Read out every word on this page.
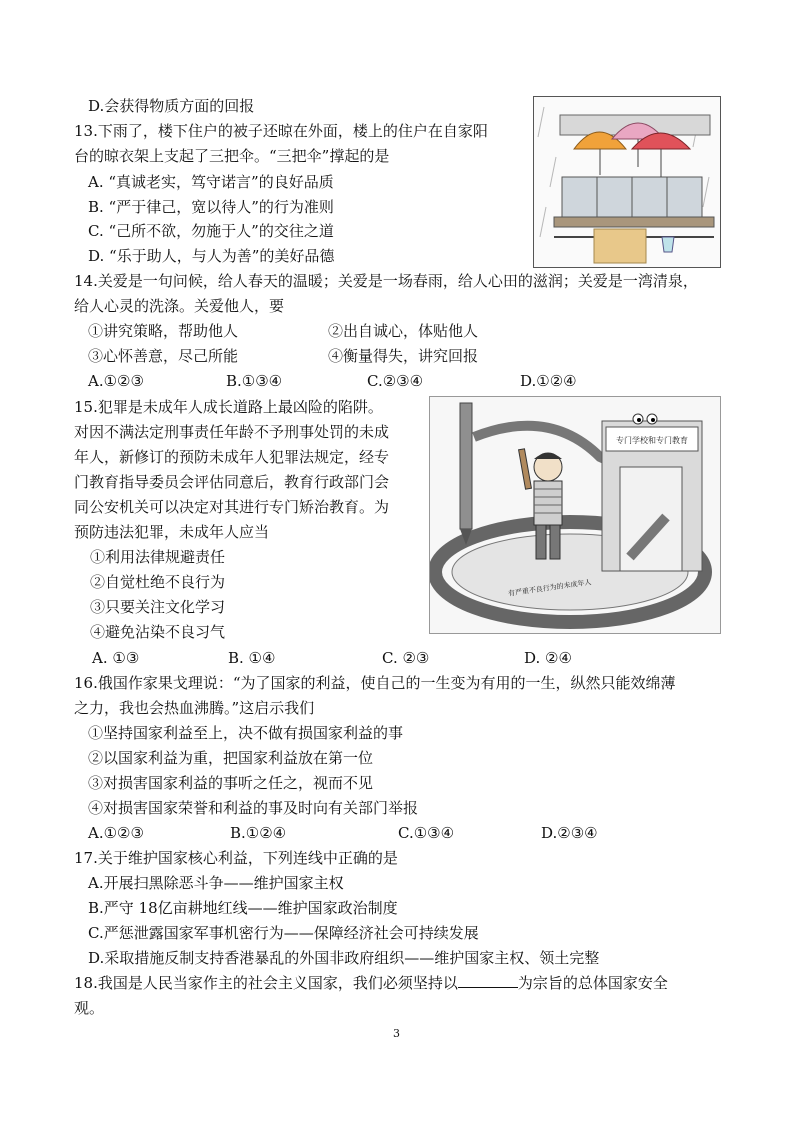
D.会获得物质方面的回报
13.下雨了，楼下住户的被子还晾在外面，楼上的住户在自家阳
台的晾衣架上支起了三把伞。“三把伞”撑起的是
A. “真诚老实，笃守诺言”的良好品质
B. “严于律己，宽以待人”的行为准则
C. “己所不欲，勿施于人”的交往之道
D. “乐于助人，与人为善”的美好品德
14.关爱是一句问候，给人春天的温暖；关爱是一场春雨，给人心田的滋润；关爱是一湾清泉，
给人心灵的洗涤。关爱他人，要
①讲究策略，帮助他人	②出自诚心，体贴他人
③心怀善意，尽己所能	④衡量得失，讲究回报
A.①②③	B.①③④	C.②③④	D.①②④
15.犯罪是未成年人成长道路上最凶险的陷阱。
对因不满法定刑事责任年龄不予刑事处罚的未成
年人，新修订的预防未成年人犯罪法规定，经专
门教育指导委员会评估同意后，教育行政部门会
同公安机关可以决定对其进行专门矫治教育。为
预防违法犯罪，未成年人应当
①利用法律规避责任
②自觉杜绝不良行为
③只要关注文化学习
④避免沾染不良习气
A. ①③	B. ①④	C. ②③	D. ②④
专门学校和专门教育
有严重不良行为的未成年人
16.俄国作家果戈理说：“为了国家的利益，使自己的一生变为有用的一生，纵然只能效绵薄
之力，我也会热血沸腾。”这启示我们
①坚持国家利益至上，决不做有损国家利益的事
②以国家利益为重，把国家利益放在第一位
③对损害国家利益的事听之任之，视而不见
④对损害国家荣誉和利益的事及时向有关部门举报
A.①②③	B.①②④	C.①③④	D.②③④
17.关于维护国家核心利益，下列连线中正确的是
A.开展扫黑除恶斗争——维护国家主权
B.严守 18亿亩耕地红线——维护国家政治制度
C.严惩泄露国家军事机密行为——保障经济社会可持续发展
D.采取措施反制支持香港暴乱的外国非政府组织——维护国家主权、领土完整
18.我国是人民当家作主的社会主义国家，我们必须坚持以	为宗旨的总体国家安全
观。
3
